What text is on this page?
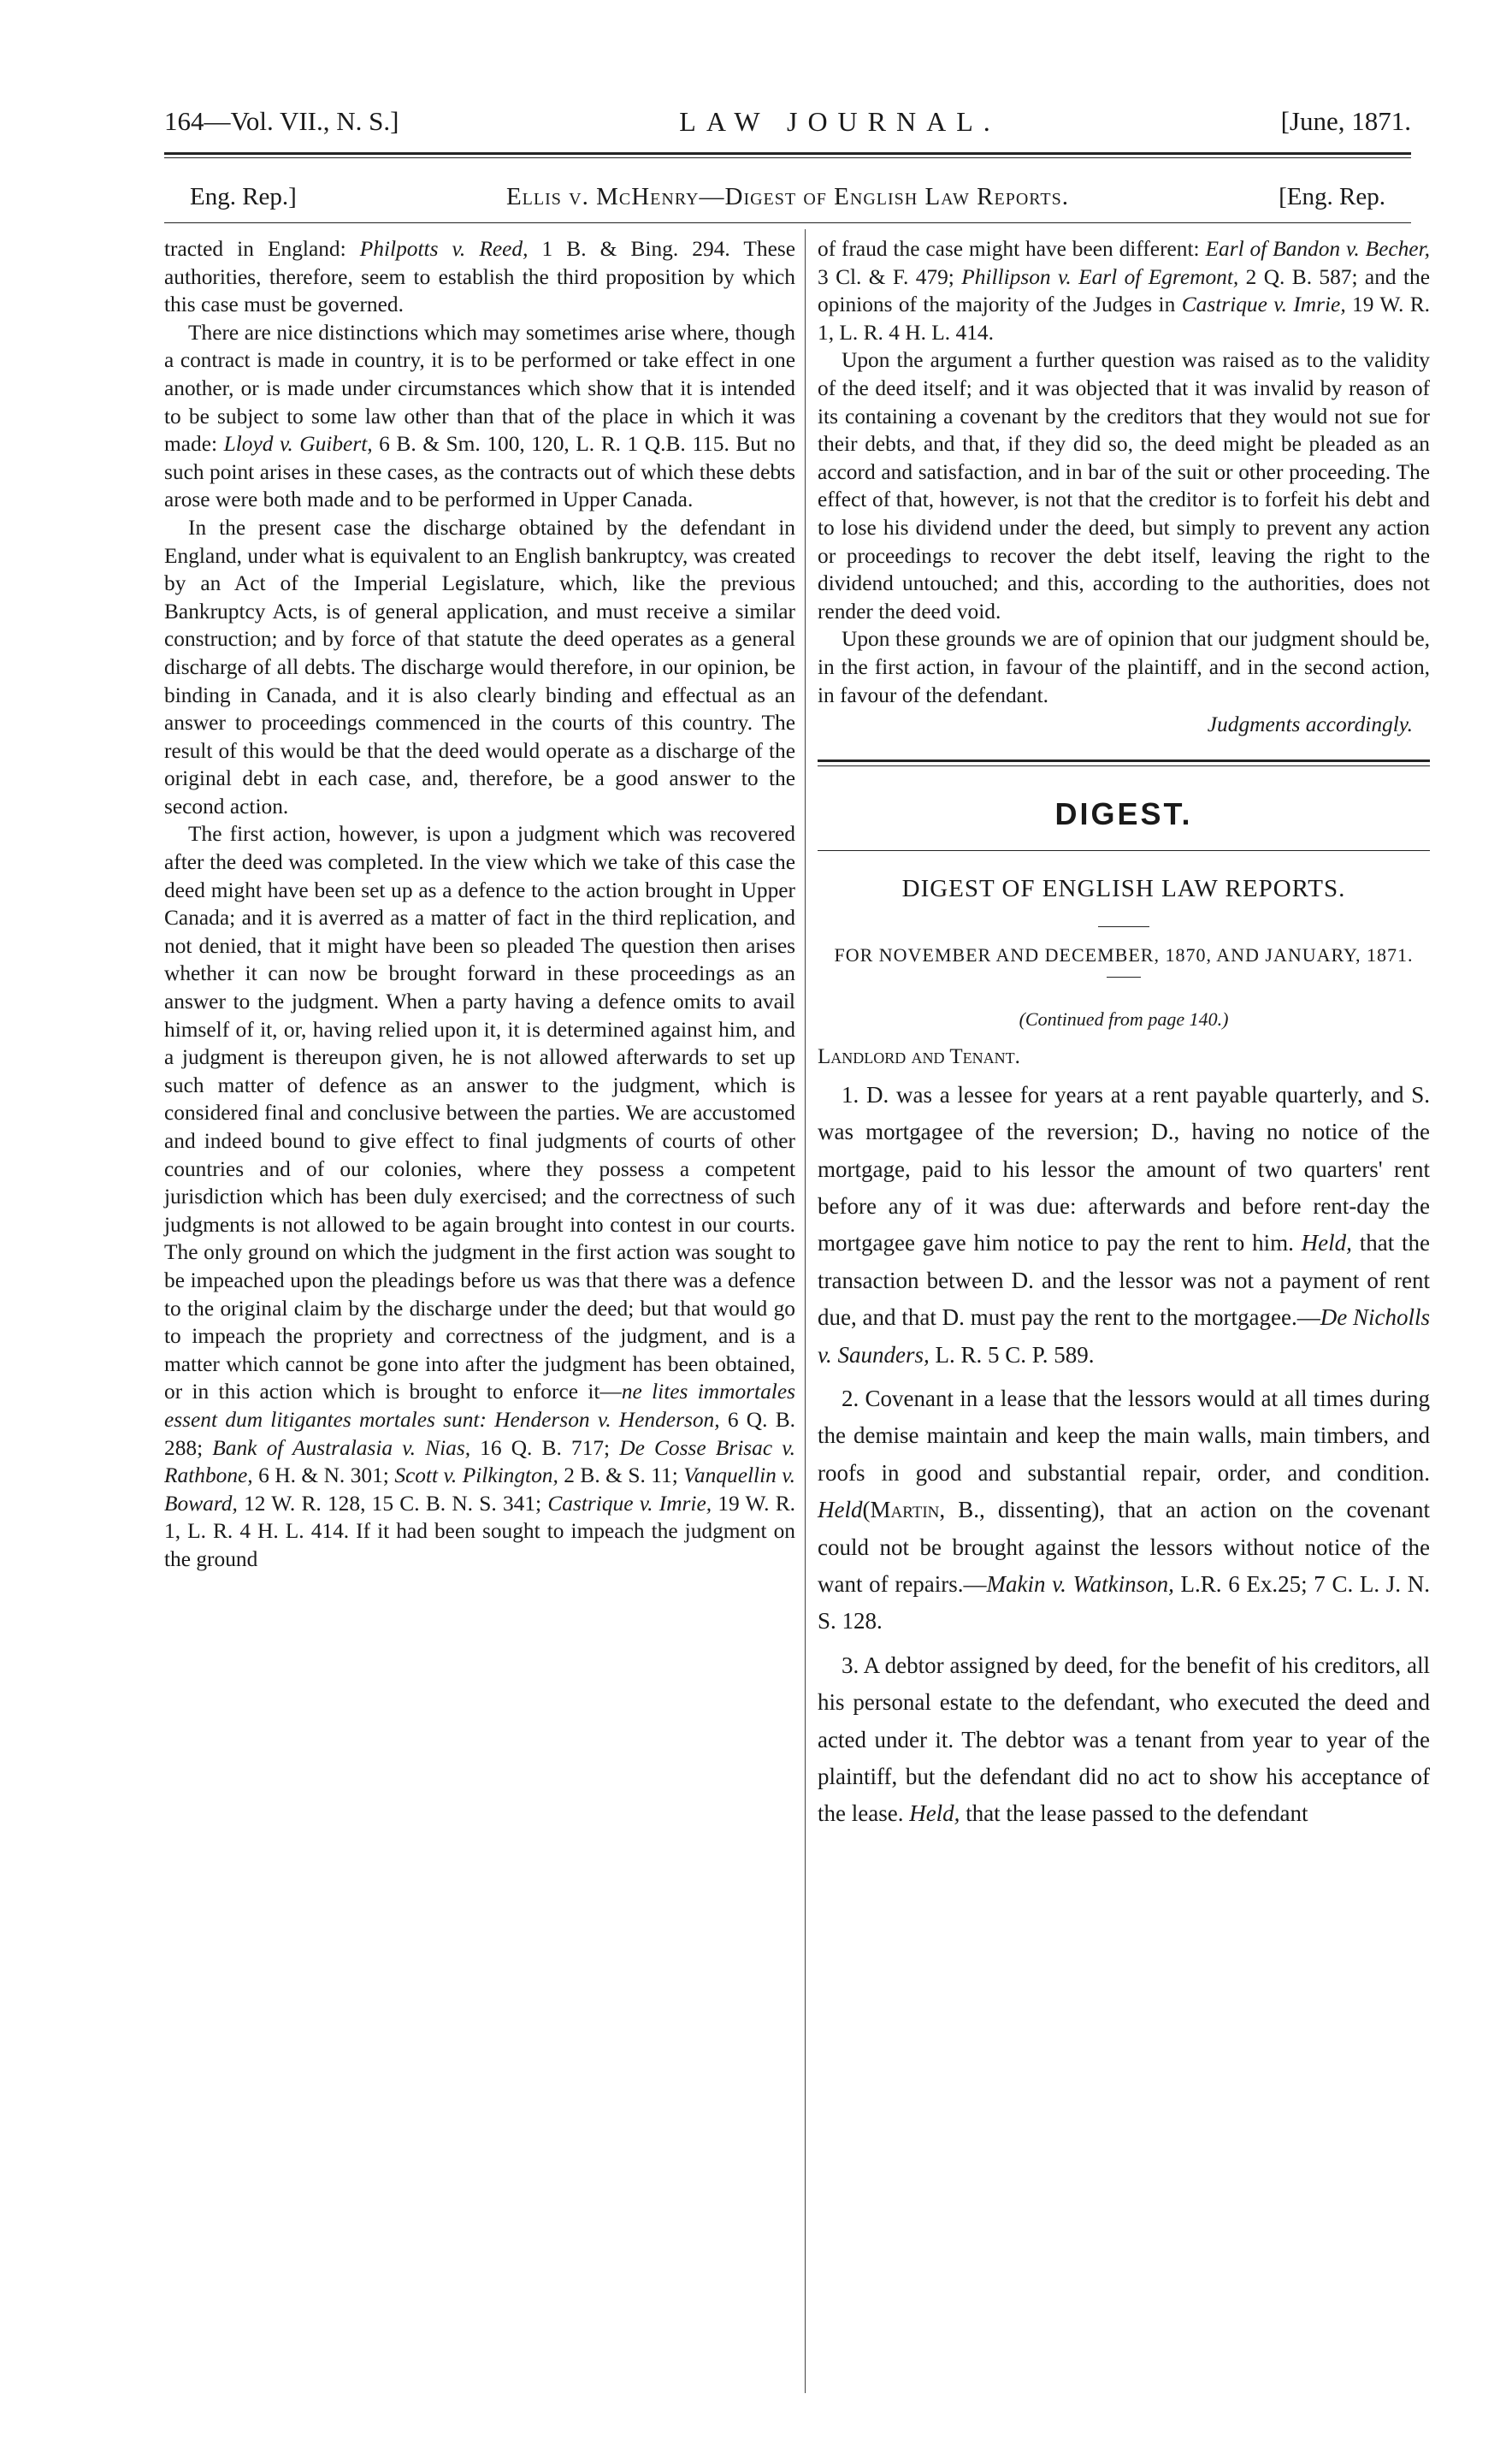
164—Vol. VII., N. S.]	LAW JOURNAL.	[June, 1871.
Eng. Rep.]	Ellis v. McHenry—Digest of English Law Reports.	[Eng. Rep.

tracted in England: Philpotts v. Reed, 1 B. & Bing. 294. These authorities, therefore, seem to establish the third proposition by which this case must be governed.

There are nice distinctions which may sometimes arise where, though a contract is made in country, it is to be performed or take effect in one another, or is made under circumstances which show that it is intended to be subject to some law other than that of the place in which it was made: Lloyd v. Guibert, 6 B. & Sm. 100, 120, L. R. 1 Q.B. 115. But no such point arises in these cases, as the contracts out of which these debts arose were both made and to be performed in Upper Canada.

In the present case the discharge obtained by the defendant in England, under what is equivalent to an English bankruptcy, was created by an Act of the Imperial Legislature, which, like the previous Bankruptcy Acts, is of general application, and must receive a similar construction; and by force of that statute the deed operates as a general discharge of all debts. The discharge would therefore, in our opinion, be binding in Canada, and it is also clearly binding and effectual as an answer to proceedings commenced in the courts of this country. The result of this would be that the deed would operate as a discharge of the original debt in each case, and, therefore, be a good answer to the second action.

The first action, however, is upon a judgment which was recovered after the deed was completed. In the view which we take of this case the deed might have been set up as a defence to the action brought in Upper Canada; and it is averred as a matter of fact in the third replication, and not denied, that it might have been so pleaded The question then arises whether it can now be brought forward in these proceedings as an answer to the judgment. When a party having a defence omits to avail himself of it, or, having relied upon it, it is determined against him, and a judgment is thereupon given, he is not allowed afterwards to set up such matter of defence as an answer to the judgment, which is considered final and conclusive between the parties. We are accustomed and indeed bound to give effect to final judgments of courts of other countries and of our colonies, where they possess a competent jurisdiction which has been duly exercised; and the correctness of such judgments is not allowed to be again brought into contest in our courts. The only ground on which the judgment in the first action was sought to be impeached upon the pleadings before us was that there was a defence to the original claim by the discharge under the deed; but that would go to impeach the propriety and correctness of the judgment, and is a matter which cannot be gone into after the judgment has been obtained, or in this action which is brought to enforce it—ne lites immortales essent dum litigantes mortales sunt: Henderson v. Henderson, 6 Q. B. 288; Bank of Australasia v. Nias, 16 Q. B. 717; De Cosse Brisac v. Rathbone, 6 H. & N. 301; Scott v. Pilkington, 2 B. & S. 11; Vanquellin v. Boward, 12 W. R. 128, 15 C. B. N. S. 341; Castrique v. Imrie, 19 W. R. 1, L. R. 4 H. L. 414. If it had been sought to impeach the judgment on the ground

of fraud the case might have been different: Earl of Bandon v. Becher, 3 Cl. & F. 479; Phillipson v. Earl of Egremont, 2 Q. B. 587; and the opinions of the majority of the Judges in Castrique v. Imrie, 19 W. R. 1, L. R. 4 H. L. 414.

Upon the argument a further question was raised as to the validity of the deed itself; and it was objected that it was invalid by reason of its containing a covenant by the creditors that they would not sue for their debts, and that, if they did so, the deed might be pleaded as an accord and satisfaction, and in bar of the suit or other proceeding. The effect of that, however, is not that the creditor is to forfeit his debt and to lose his dividend under the deed, but simply to prevent any action or proceedings to recover the debt itself, leaving the right to the dividend untouched; and this, according to the authorities, does not render the deed void.

Upon these grounds we are of opinion that our judgment should be, in the first action, in favour of the plaintiff, and in the second action, in favour of the defendant.

Judgments accordingly.
DIGEST.
DIGEST OF ENGLISH LAW REPORTS.
FOR NOVEMBER AND DECEMBER, 1870, AND JANUARY, 1871.
(Continued from page 140.)
Landlord and Tenant.

1. D. was a lessee for years at a rent payable quarterly, and S. was mortgagee of the reversion; D., having no notice of the mortgage, paid to his lessor the amount of two quarters' rent before any of it was due: afterwards and before rent-day the mortgagee gave him notice to pay the rent to him. Held, that the transaction between D. and the lessor was not a payment of rent due, and that D. must pay the rent to the mortgagee.—De Nicholls v. Saunders, L. R. 5 C. P. 589.

2. Covenant in a lease that the lessors would at all times during the demise maintain and keep the main walls, main timbers, and roofs in good and substantial repair, order, and condition. Held(Martin, B., dissenting), that an action on the covenant could not be brought against the lessors without notice of the want of repairs.—Makin v. Watkinson, L.R. 6 Ex.25; 7 C. L. J. N. S. 128.

3. A debtor assigned by deed, for the benefit of his creditors, all his personal estate to the defendant, who executed the deed and acted under it. The debtor was a tenant from year to year of the plaintiff, but the defendant did no act to show his acceptance of the lease. Held, that the lease passed to the defendant
